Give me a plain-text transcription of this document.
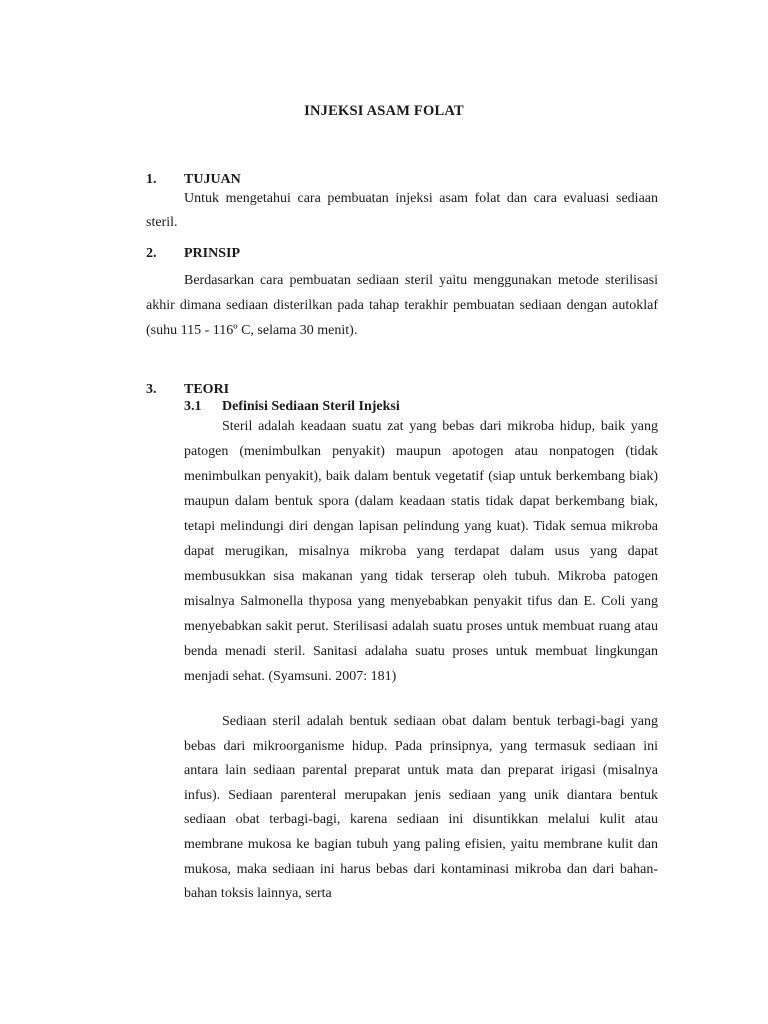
INJEKSI ASAM FOLAT
1. TUJUAN

Untuk mengetahui cara pembuatan injeksi asam folat dan cara evaluasi sediaan steril.

2. PRINSIP

Berdasarkan cara pembuatan sediaan steril yaitu menggunakan metode sterilisasi akhir dimana sediaan disterilkan pada tahap terakhir pembuatan sediaan dengan autoklaf (suhu 115 - 116º C, selama 30 menit).

3. TEORI
3.1 Definisi Sediaan Steril Injeksi

Steril adalah keadaan suatu zat yang bebas dari mikroba hidup, baik yang patogen (menimbulkan penyakit) maupun apotogen atau nonpatogen (tidak menimbulkan penyakit), baik dalam bentuk vegetatif (siap untuk berkembang biak) maupun dalam bentuk spora (dalam keadaan statis tidak dapat berkembang biak, tetapi melindungi diri dengan lapisan pelindung yang kuat). Tidak semua mikroba dapat merugikan, misalnya mikroba yang terdapat dalam usus yang dapat membusukkan sisa makanan yang tidak terserap oleh tubuh. Mikroba patogen misalnya Salmonella thyposa yang menyebabkan penyakit tifus dan E. Coli yang menyebabkan sakit perut. Sterilisasi adalah suatu proses untuk membuat ruang atau benda menadi steril. Sanitasi adalaha suatu proses untuk membuat lingkungan menjadi sehat. (Syamsuni. 2007: 181)

Sediaan steril adalah bentuk sediaan obat dalam bentuk terbagi-bagi yang bebas dari mikroorganisme hidup. Pada prinsipnya, yang termasuk sediaan ini antara lain sediaan parental preparat untuk mata dan preparat irigasi (misalnya infus). Sediaan parenteral merupakan jenis sediaan yang unik diantara bentuk sediaan obat terbagi-bagi, karena sediaan ini disuntikkan melalui kulit atau membrane mukosa ke bagian tubuh yang paling efisien, yaitu membrane kulit dan mukosa, maka sediaan ini harus bebas dari kontaminasi mikroba dan dari bahan-bahan toksis lainnya, serta
